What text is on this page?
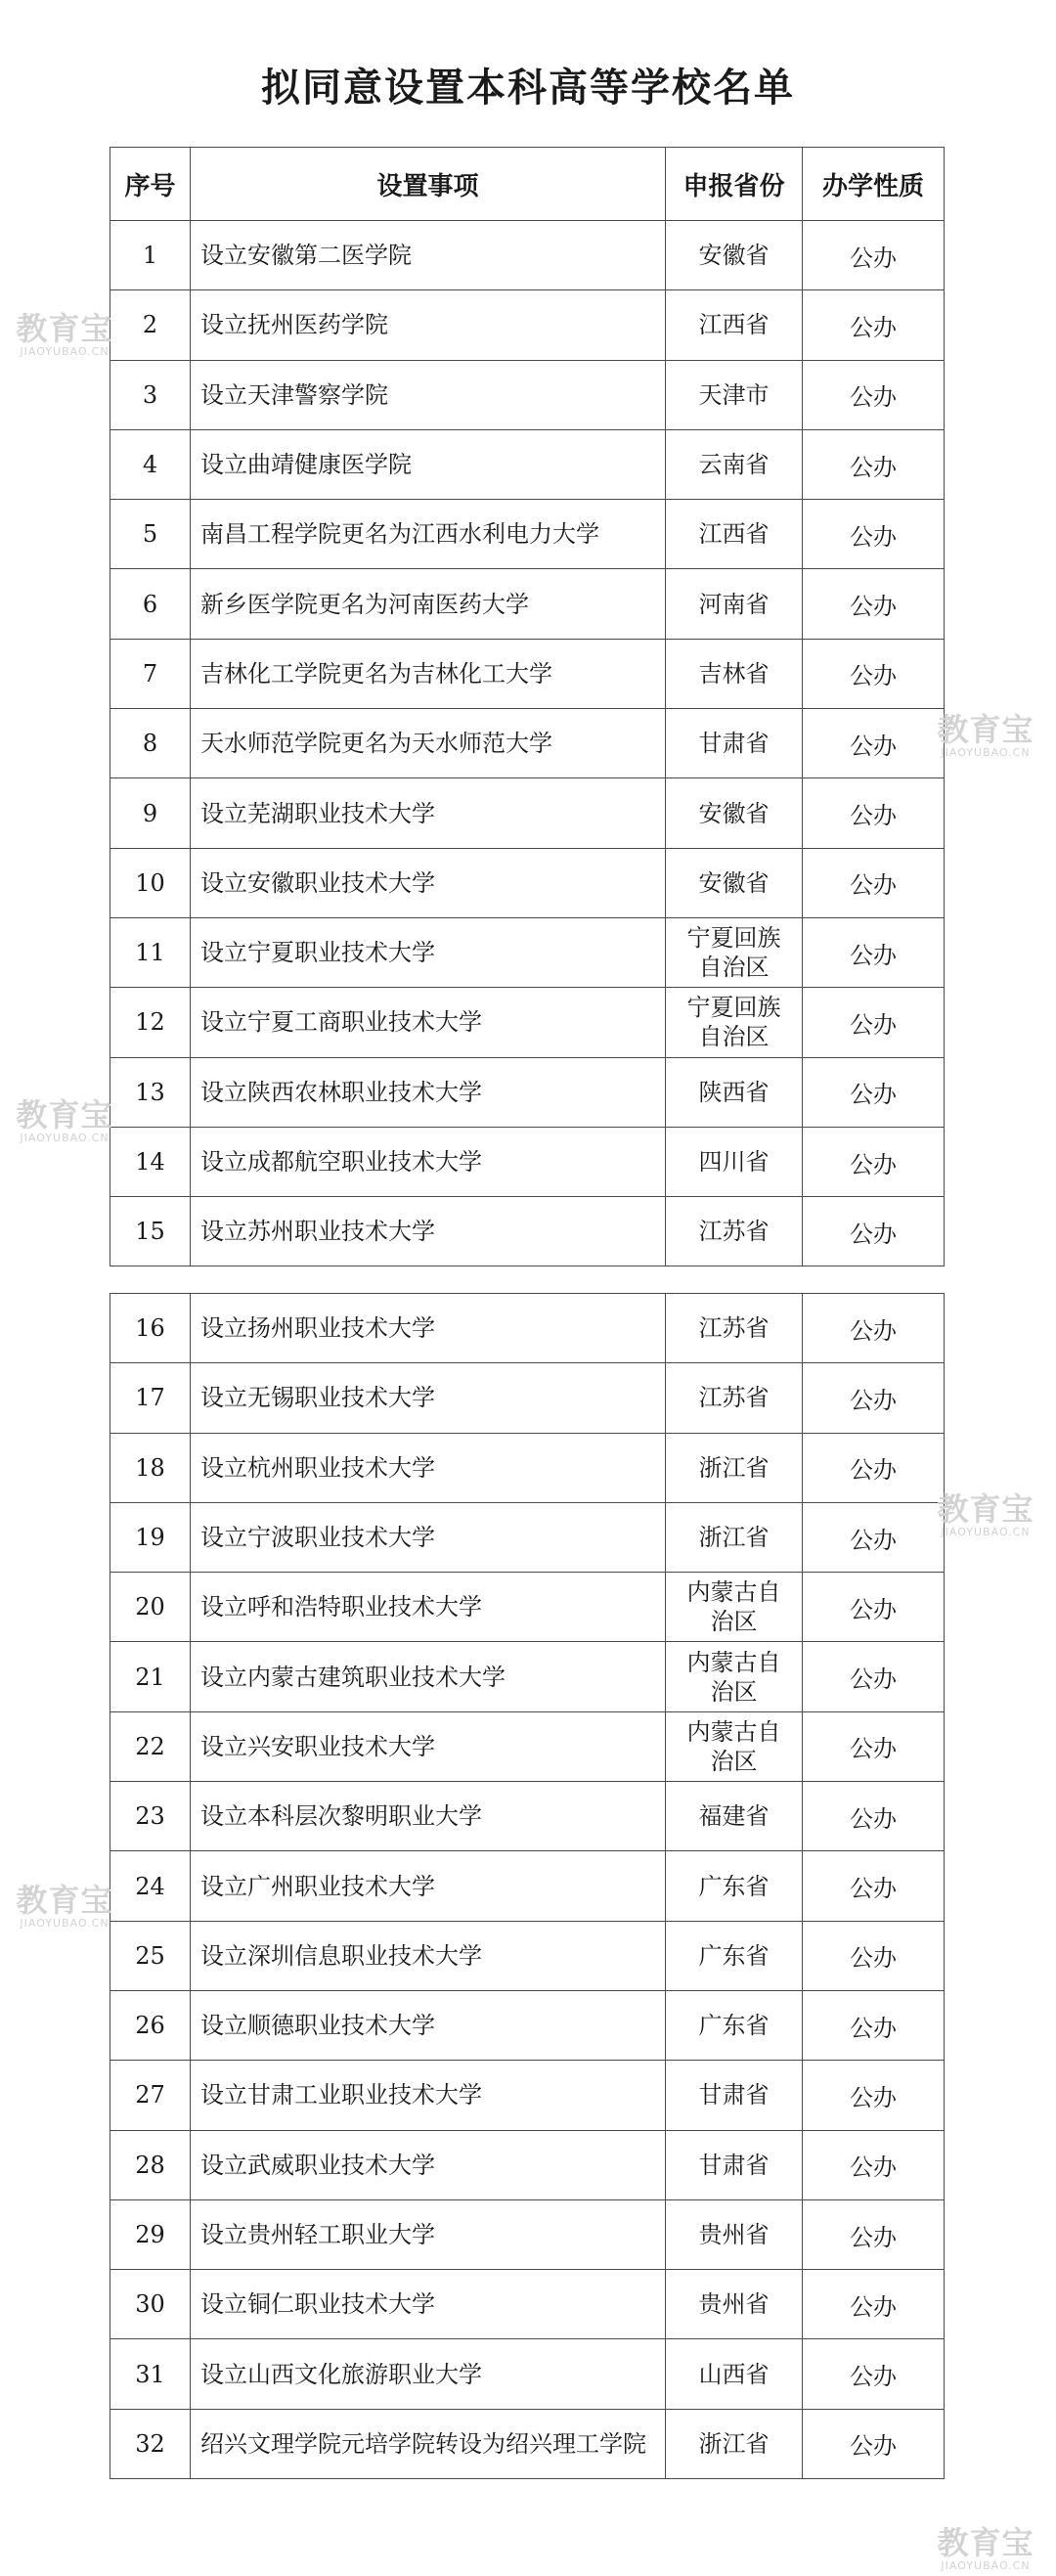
拟同意设置本科高等学校名单
序号	设置事项	申报省份	办学性质
1	设立安徽第二医学院	安徽省	公办
2	设立抚州医药学院	江西省	公办
3	设立天津警察学院	天津市	公办
4	设立曲靖健康医学院	云南省	公办
5	南昌工程学院更名为江西水利电力大学	江西省	公办
6	新乡医学院更名为河南医药大学	河南省	公办
7	吉林化工学院更名为吉林化工大学	吉林省	公办
8	天水师范学院更名为天水师范大学	甘肃省	公办
9	设立芜湖职业技术大学	安徽省	公办
10	设立安徽职业技术大学	安徽省	公办
11	设立宁夏职业技术大学	宁夏回族自治区	公办
12	设立宁夏工商职业技术大学	宁夏回族自治区	公办
13	设立陕西农林职业技术大学	陕西省	公办
14	设立成都航空职业技术大学	四川省	公办
15	设立苏州职业技术大学	江苏省	公办
16	设立扬州职业技术大学	江苏省	公办
17	设立无锡职业技术大学	江苏省	公办
18	设立杭州职业技术大学	浙江省	公办
19	设立宁波职业技术大学	浙江省	公办
20	设立呼和浩特职业技术大学	内蒙古自治区	公办
21	设立内蒙古建筑职业技术大学	内蒙古自治区	公办
22	设立兴安职业技术大学	内蒙古自治区	公办
23	设立本科层次黎明职业大学	福建省	公办
24	设立广州职业技术大学	广东省	公办
25	设立深圳信息职业技术大学	广东省	公办
26	设立顺德职业技术大学	广东省	公办
27	设立甘肃工业职业技术大学	甘肃省	公办
28	设立武威职业技术大学	甘肃省	公办
29	设立贵州轻工职业大学	贵州省	公办
30	设立铜仁职业技术大学	贵州省	公办
31	设立山西文化旅游职业大学	山西省	公办
32	绍兴文理学院元培学院转设为绍兴理工学院	浙江省	公办
教育宝
JIAOYUBAO.CN
教育宝
JIAOYUBAO.CN
教育宝
JIAOYUBAO.CN
教育宝
JIAOYUBAO.CN
教育宝
JIAOYUBAO.CN
教育宝
JIAOYUBAO.CN
